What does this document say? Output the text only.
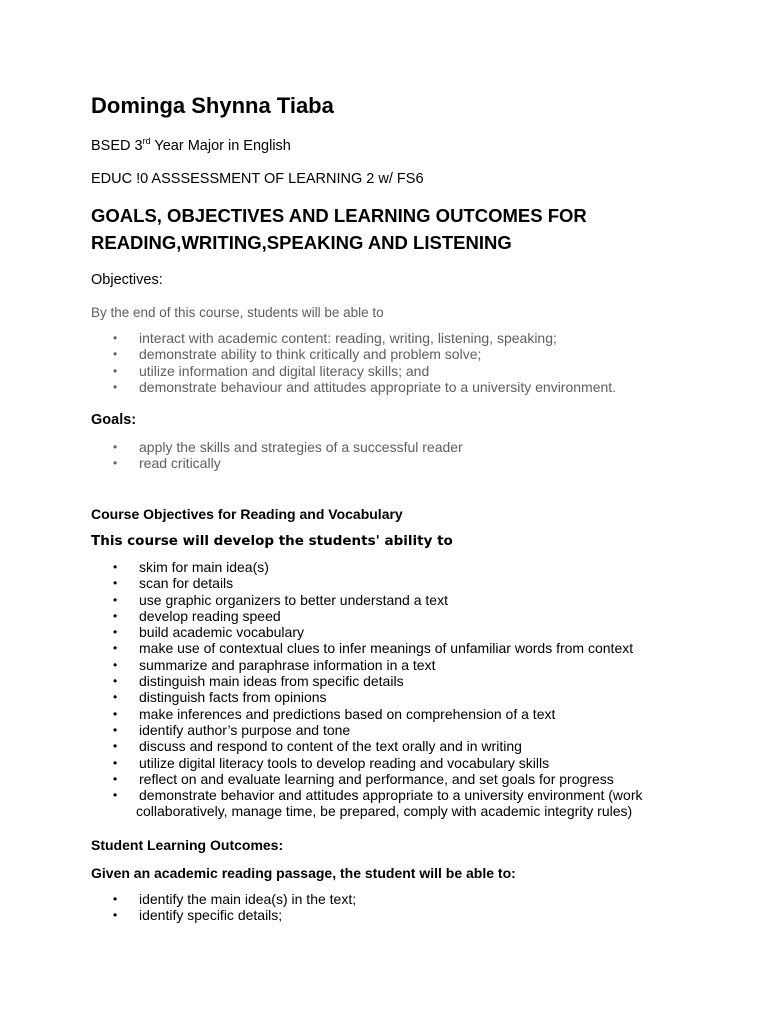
Dominga Shynna Tiaba
BSED 3rd Year Major in English
EDUC !0 ASSSESSMENT OF LEARNING 2 w/ FS6
GOALS, OBJECTIVES AND LEARNING OUTCOMES FOR
READING,WRITING,SPEAKING AND LISTENING
Objectives:
By the end of this course, students will be able to
• interact with academic content: reading, writing, listening, speaking;
• demonstrate ability to think critically and problem solve;
• utilize information and digital literacy skills; and
• demonstrate behaviour and attitudes appropriate to a university environment.
Goals:
• apply the skills and strategies of a successful reader
• read critically
Course Objectives for Reading and Vocabulary
This course will develop the students' ability to
• skim for main idea(s)
• scan for details
• use graphic organizers to better understand a text
• develop reading speed
• build academic vocabulary
• make use of contextual clues to infer meanings of unfamiliar words from context
• summarize and paraphrase information in a text
• distinguish main ideas from specific details
• distinguish facts from opinions
• make inferences and predictions based on comprehension of a text
• identify author’s purpose and tone
• discuss and respond to content of the text orally and in writing
• utilize digital literacy tools to develop reading and vocabulary skills
• reflect on and evaluate learning and performance, and set goals for progress
• demonstrate behavior and attitudes appropriate to a university environment (work
collaboratively, manage time, be prepared, comply with academic integrity rules)
Student Learning Outcomes:
Given an academic reading passage, the student will be able to:
• identify the main idea(s) in the text;
• identify specific details;
